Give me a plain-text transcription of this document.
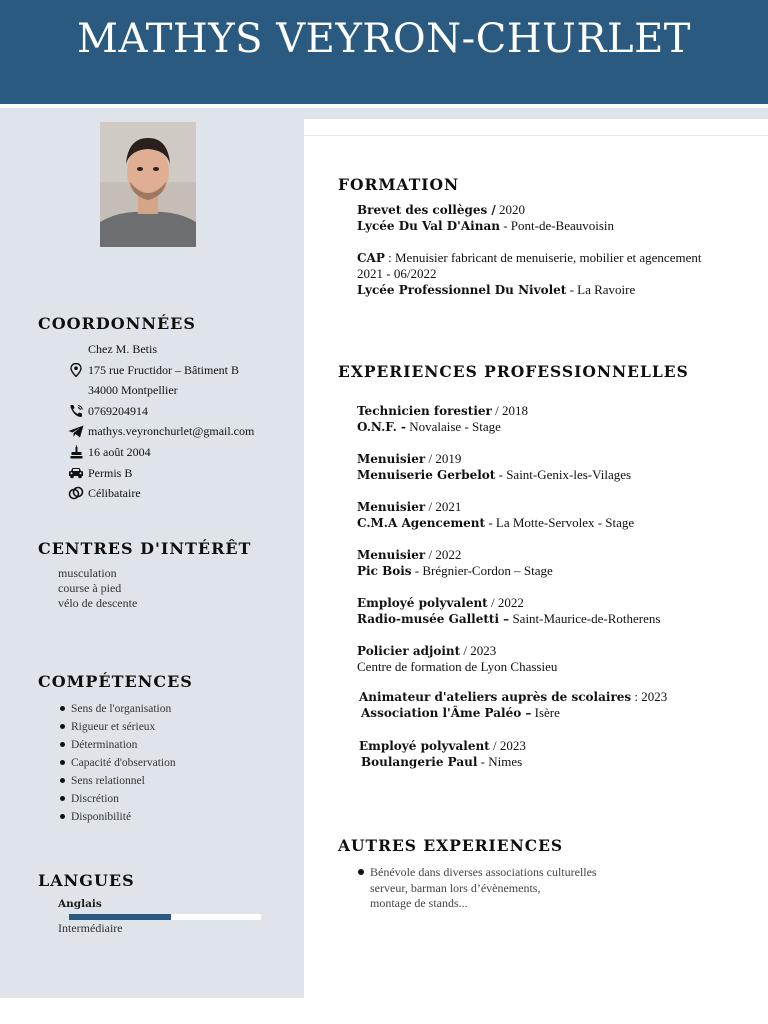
MATHYS VEYRON-CHURLET
COORDONNÉES
Chez M. Betis
175 rue Fructidor – Bâtiment B
34000 Montpellier
0769204914
mathys.veyronchurlet@gmail.com
16 août 2004
Permis B
Célibataire
CENTRES D'INTÉRÊT
musculation
course à pied
vélo de descente
COMPÉTENCES
Sens de l'organisation
Rigueur et sérieux
Détermination
Capacité d'observation
Sens relationnel
Discrétion
Disponibilité
LANGUES
Anglais
Intermédiaire
FORMATION
Brevet des collèges / 2020
Lycée Du Val D'Ainan - Pont-de-Beauvoisin
CAP : Menuisier fabricant de menuiserie, mobilier et agencement
2021 - 06/2022
Lycée Professionnel Du Nivolet - La Ravoire
EXPERIENCES PROFESSIONNELLES
Technicien forestier / 2018
O.N.F. - Novalaise - Stage
Menuisier / 2019
Menuiserie Gerbelot - Saint-Genix-les-Vilages
Menuisier / 2021
C.M.A Agencement - La Motte-Servolex - Stage
Menuisier / 2022
Pic Bois - Brégnier-Cordon – Stage
Employé polyvalent / 2022
Radio-musée Galletti – Saint-Maurice-de-Rotherens
Policier adjoint / 2023
Centre de formation de Lyon Chassieu
Animateur d'ateliers auprès de scolaires : 2023
Association l'Âme Paléo – Isère
Employé polyvalent / 2023
Boulangerie Paul - Nimes
AUTRES EXPERIENCES
Bénévole dans diverses associations culturelles
serveur, barman lors d’évènements,
montage de stands...
